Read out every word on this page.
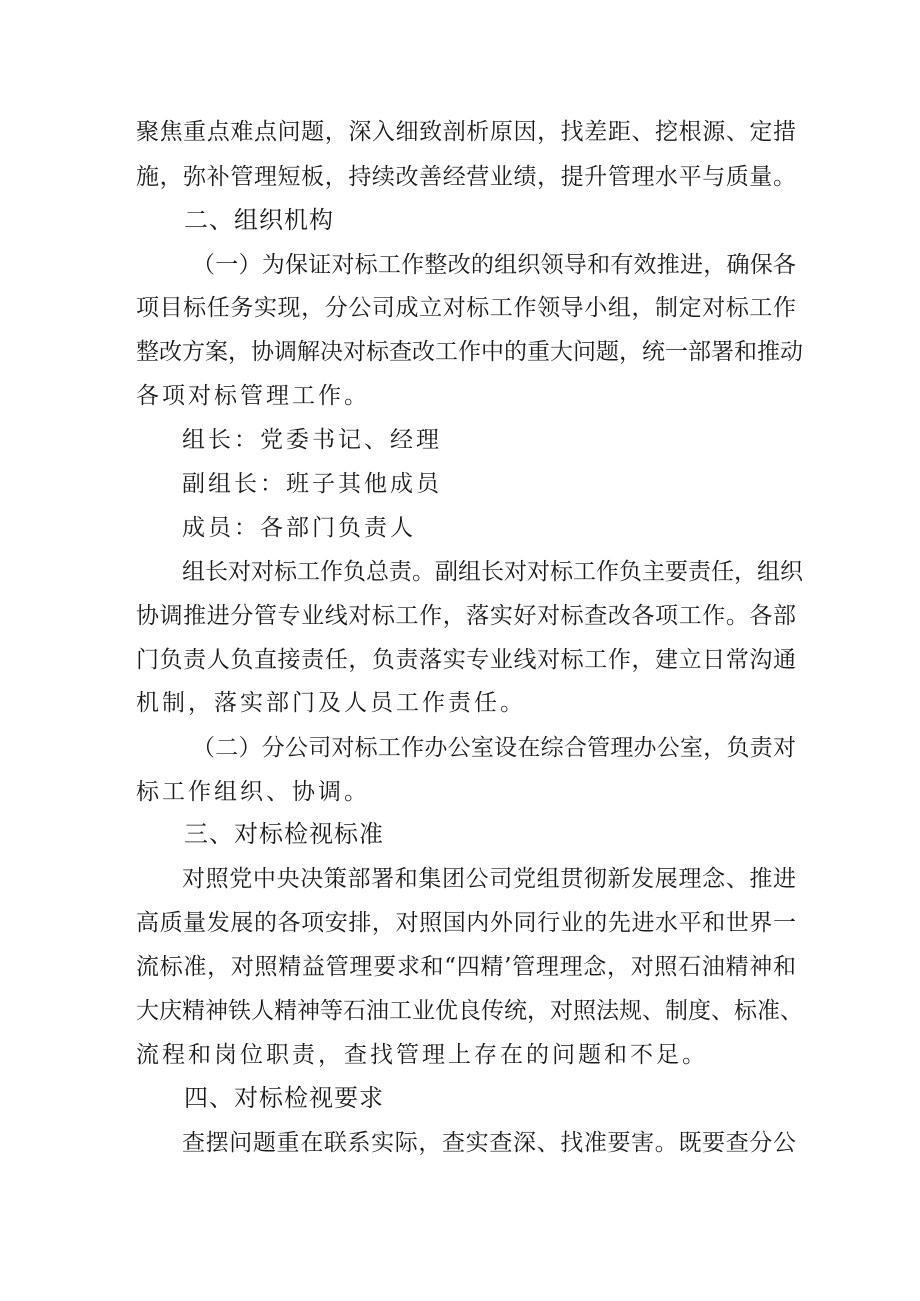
聚焦重点难点问题，深入细致剖析原因，找差距、挖根源、定措

施，弥补管理短板，持续改善经营业绩，提升管理水平与质量。

二、组织机构

（一）为保证对标工作整改的组织领导和有效推进，确保各

项目标任务实现，分公司成立对标工作领导小组，制定对标工作

整改方案，协调解决对标查改工作中的重大问题，统一部署和推动

各项对标管理工作。

组长：党委书记、经理

副组长：班子其他成员

成员：各部门负责人

组长对对标工作负总责。副组长对对标工作负主要责任，组织

协调推进分管专业线对标工作，落实好对标查改各项工作。各部

门负责人负直接责任，负责落实专业线对标工作，建立日常沟通

机制，落实部门及人员工作责任。

（二）分公司对标工作办公室设在综合管理办公室，负责对

标工作组织、协调。

三、对标检视标准

对照党中央决策部署和集团公司党组贯彻新发展理念、推进

高质量发展的各项安排，对照国内外同行业的先进水平和世界一

流标准，对照精益管理要求和“四精’管理理念，对照石油精神和

大庆精神铁人精神等石油工业优良传统，对照法规、制度、标准、

流程和岗位职责，查找管理上存在的问题和不足。

四、对标检视要求

查摆问题重在联系实际，查实查深、找准要害。既要查分公
